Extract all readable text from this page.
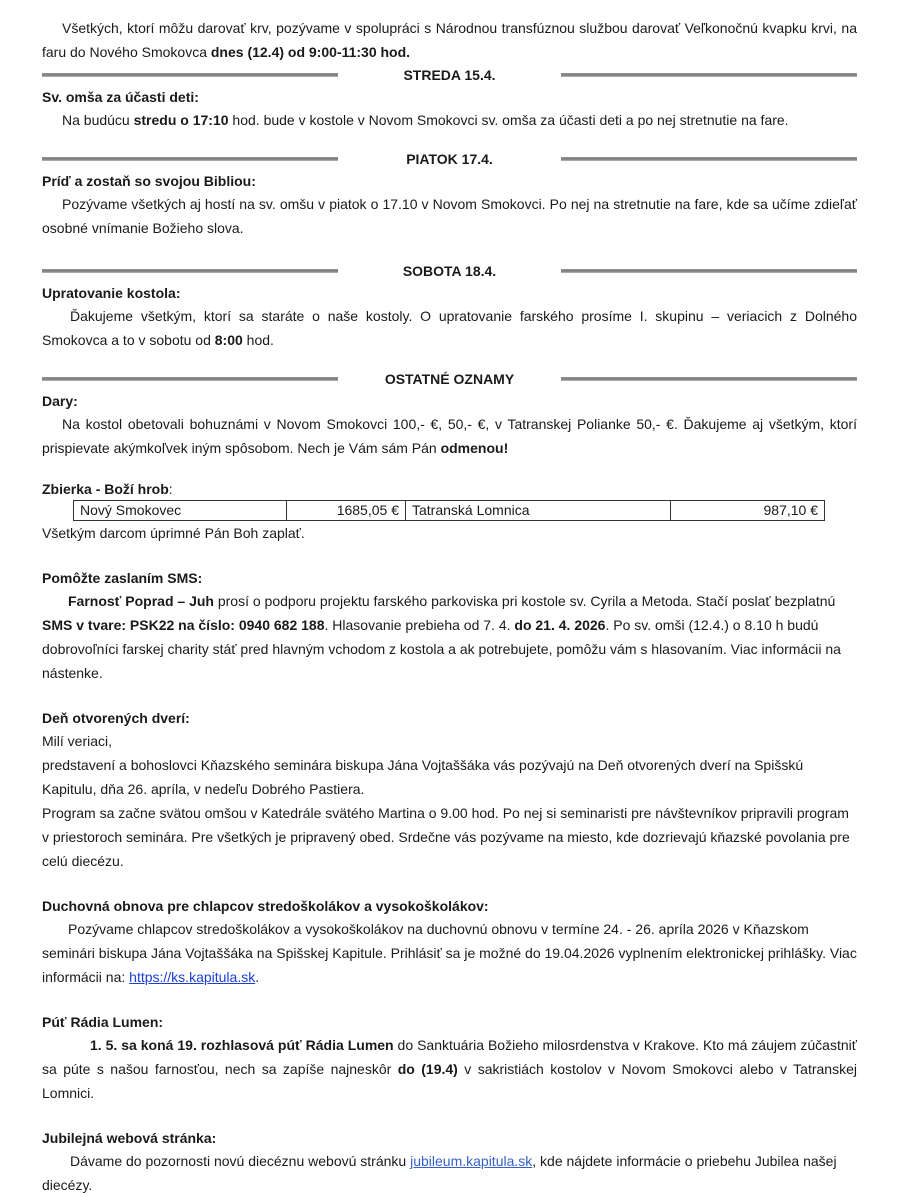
Všetkých, ktorí môžu darovať krv, pozývame v spolupráci s Národnou transfúznou službou darovať Veľkonočnú kvapku krvi, na faru do Nového Smokovca dnes (12.4) od 9:00-11:30 hod.

STREDA 15.4.

Sv. omša za účasti deti:

Na budúcu stredu o 17:10 hod. bude v kostole v Novom Smokovci sv. omša za účasti deti a po nej stretnutie na fare.

PIATOK 17.4.

Príď a zostaň so svojou Bibliou:

Pozývame všetkých aj hostí na sv. omšu v piatok o 17.10 v Novom Smokovci. Po nej na stretnutie na fare, kde sa učíme zdieľať osobné vnímanie Božieho slova.

SOBOTA 18.4.

Upratovanie kostola:

Ďakujeme všetkým, ktorí sa staráte o naše kostoly. O upratovanie farského prosíme I. skupinu – veriacich z Dolného Smokovca a to v sobotu od 8:00 hod.

OSTATNÉ OZNAMY

Dary:

Na kostol obetovali bohuznámi v Novom Smokovci 100,- €, 50,- €, v Tatranskej Polianke 50,- €. Ďakujeme aj všetkým, ktorí prispievate akýmkoľvek iným spôsobom. Nech je Vám sám Pán odmenou!

Zbierka - Boží hrob:

Nový Smokovec	1685,05 €	Tatranská Lomnica	987,10 €

Všetkým darcom úprimné Pán Boh zaplať.

Pomôžte zaslaním SMS:

Farnosť Poprad – Juh prosí o podporu projektu farského parkoviska pri kostole sv. Cyrila a Metoda. Stačí poslať bezplatnú SMS v tvare: PSK22 na číslo: 0940 682 188. Hlasovanie prebieha od 7. 4. do 21. 4. 2026. Po sv. omši (12.4.) o 8.10 h budú dobrovoľníci farskej charity stáť pred hlavným vchodom z kostola a ak potrebujete, pomôžu vám s hlasovaním. Viac informácii na nástenke.

Deň otvorených dverí:

Milí veriaci,

predstavení a bohoslovci Kňazského seminára biskupa Jána Vojtaššáka vás pozývajú na Deň otvorených dverí na Spišskú Kapitulu, dňa 26. apríla, v nedeľu Dobrého Pastiera.

Program sa začne svätou omšou v Katedrále svätého Martina o 9.00 hod. Po nej si seminaristi pre návštevníkov pripravili program v priestoroch seminára. Pre všetkých je pripravený obed. Srdečne vás pozývame na miesto, kde dozrievajú kňazské povolania pre celú diecézu.

Duchovná obnova pre chlapcov stredoškolákov a vysokoškolákov:

Pozývame chlapcov stredoškolákov a vysokoškolákov na duchovnú obnovu v termíne 24. - 26. apríla 2026 v Kňazskom seminári biskupa Jána Vojtaššáka na Spišskej Kapitule. Prihlásiť sa je možné do 19.04.2026 vyplnením elektronickej prihlášky. Viac informácii na: https://ks.kapitula.sk.

Púť Rádia Lumen:

1. 5. sa koná 19. rozhlasová púť Rádia Lumen do Sanktuária Božieho milosrdenstva v Krakove. Kto má záujem zúčastniť sa púte s našou farnosťou, nech sa zapíše najneskôr do (19.4) v sakristiách kostolov v Novom Smokovci alebo v Tatranskej Lomnici.

Jubilejná webová stránka:

Dávame do pozornosti novú diecéznu webovú stránku jubileum.kapitula.sk, kde nájdete informácie o priebehu Jubilea našej diecézy.
